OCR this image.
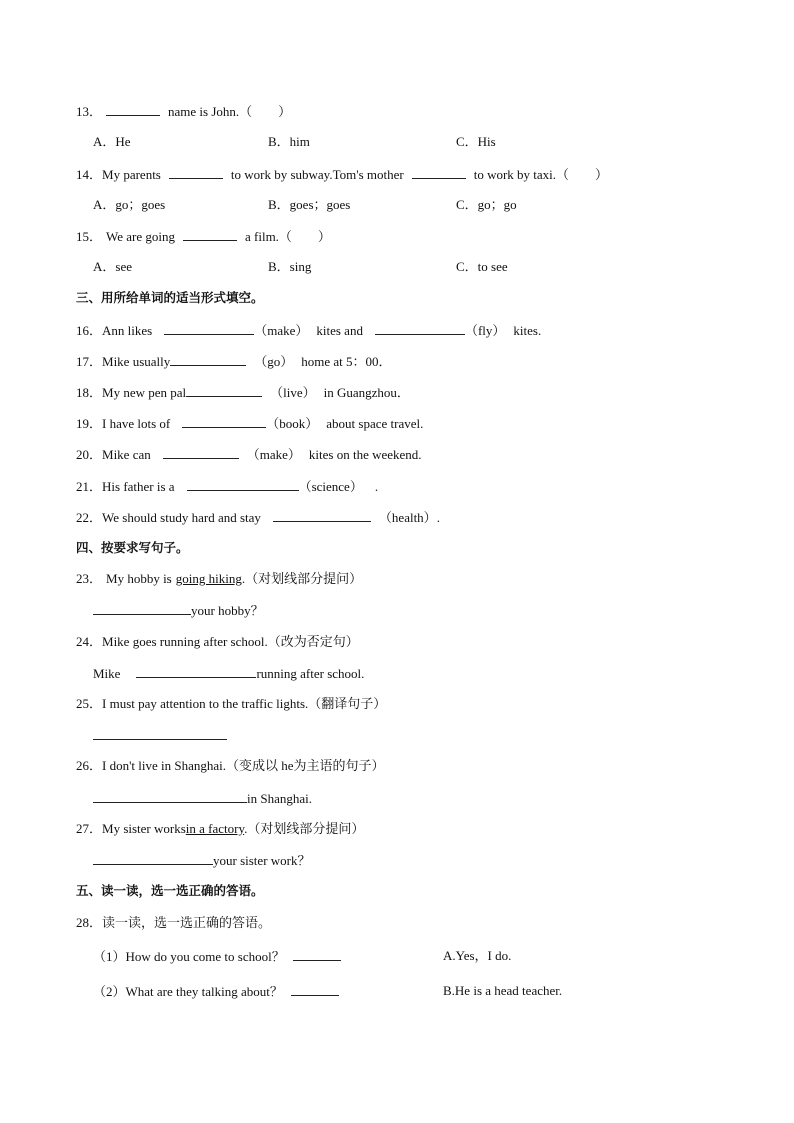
13．	name is John.（　　）
A．He	B．him	C．His
14．My parents	to work by subway.Tom's mother	to work by taxi.（　　）
A．go；goes	B．goes；goes	C．go；go
15． We are going	a film.（　　）
A．see	B．sing	C．to see
三、用所给单词的适当形式填空。
16．Ann likes	（make） kites and	（fly） kites.
17．Mike usually	（go） home at 5：00．
18．My new pen pal	（live） in Guangzhou．
19．I have lots of	（book） about space travel.
20．Mike can	（make） kites on the weekend.
21．His father is a	（science） .
22．We should study hard and stay	（health）.
四、按要求写句子。
23． My hobby is going hiking.（对划线部分提问）
your hobby？
24．Mike goes running after school.（改为否定句）
Mike	running after school.
25．I must pay attention to the traffic lights.（翻译句子）
26．I don't live in Shanghai.（变成以 he为主语的句子）
in Shanghai.
27．My sister worksin a factory.（对划线部分提问）
your sister work？
五、读一读，选一选正确的答语。
28．读一读，选一选正确的答语。
（1）How do you come to school？	A.Yes，I do.
（2）What are they talking about？	B.He is a head teacher.
